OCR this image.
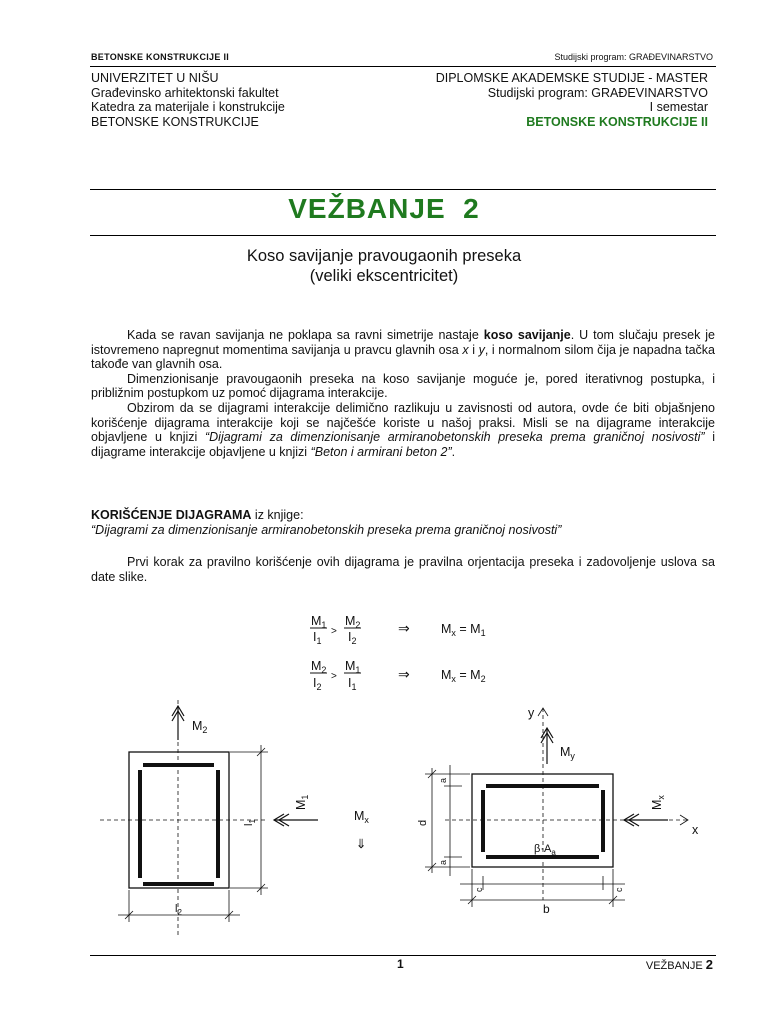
BETONSKE KONSTRUKCIJE II	Studijski program: GRAĐEVINARSTVO
UNIVERZITET U NIŠU
Građevinsko arhitektonski fakultet
Katedra za materijale i konstrukcije
BETONSKE KONSTRUKCIJE
DIPLOMSKE AKADEMSKE STUDIJE - MASTER
Studijski program: GRAĐEVINARSTVO
I semestar
BETONSKE KONSTRUKCIJE II
VEŽBANJE  2
Koso savijanje pravougaonih preseka
(veliki ekscentricitet)

Kada se ravan savijanja ne poklapa sa ravni simetrije nastaje koso savijanje. U tom slučaju presek je istovremeno napregnut momentima savijanja u pravcu glavnih osa x i y, i normalnom silom čija je napadna tačka takođe van glavnih osa.

Dimenzionisanje pravougaonih preseka na koso savijanje moguće je, pored iterativnog postupka, i približnim postupkom uz pomoć dijagrama interakcije.

Obzirom da se dijagrami interakcije delimično razlikuju u zavisnosti od autora, ovde će biti objašnjeno korišćenje dijagrama interakcije koji se najčešće koriste u našoj praksi. Misli se na dijagrame interakcije objavljene u knjizi “Dijagrami za dimenzionisanje armiranobetonskih preseka prema graničnoj nosivosti” i dijagrame interakcije objavljene u knjizi “Beton i armirani beton 2”.

KORIŠĆENJE DIJAGRAMA iz knjige:
“Dijagrami za dimenzionisanje armiranobetonskih preseka prema graničnoj nosivosti”
Prvi korak za pravilno korišćenje ovih dijagrama je pravilna orjentacija preseka i zadovoljenje uslova sa date slike.
$M_1$
$I_1$
>
$M_2$
$I_2$
⇒	$M_x = M_1$
$M_2$
$I_2$
>
$M_1$
$I_1$
⇒	$M_x = M_2$
$M_2$
$M_1$
$l_1$
$l_2$
$M_x$
⇒
y
$M_y$
$M_x$
x
d
a
a
c	c
b
$\beta\cdot A_a$
1	VEŽBANJE 2
